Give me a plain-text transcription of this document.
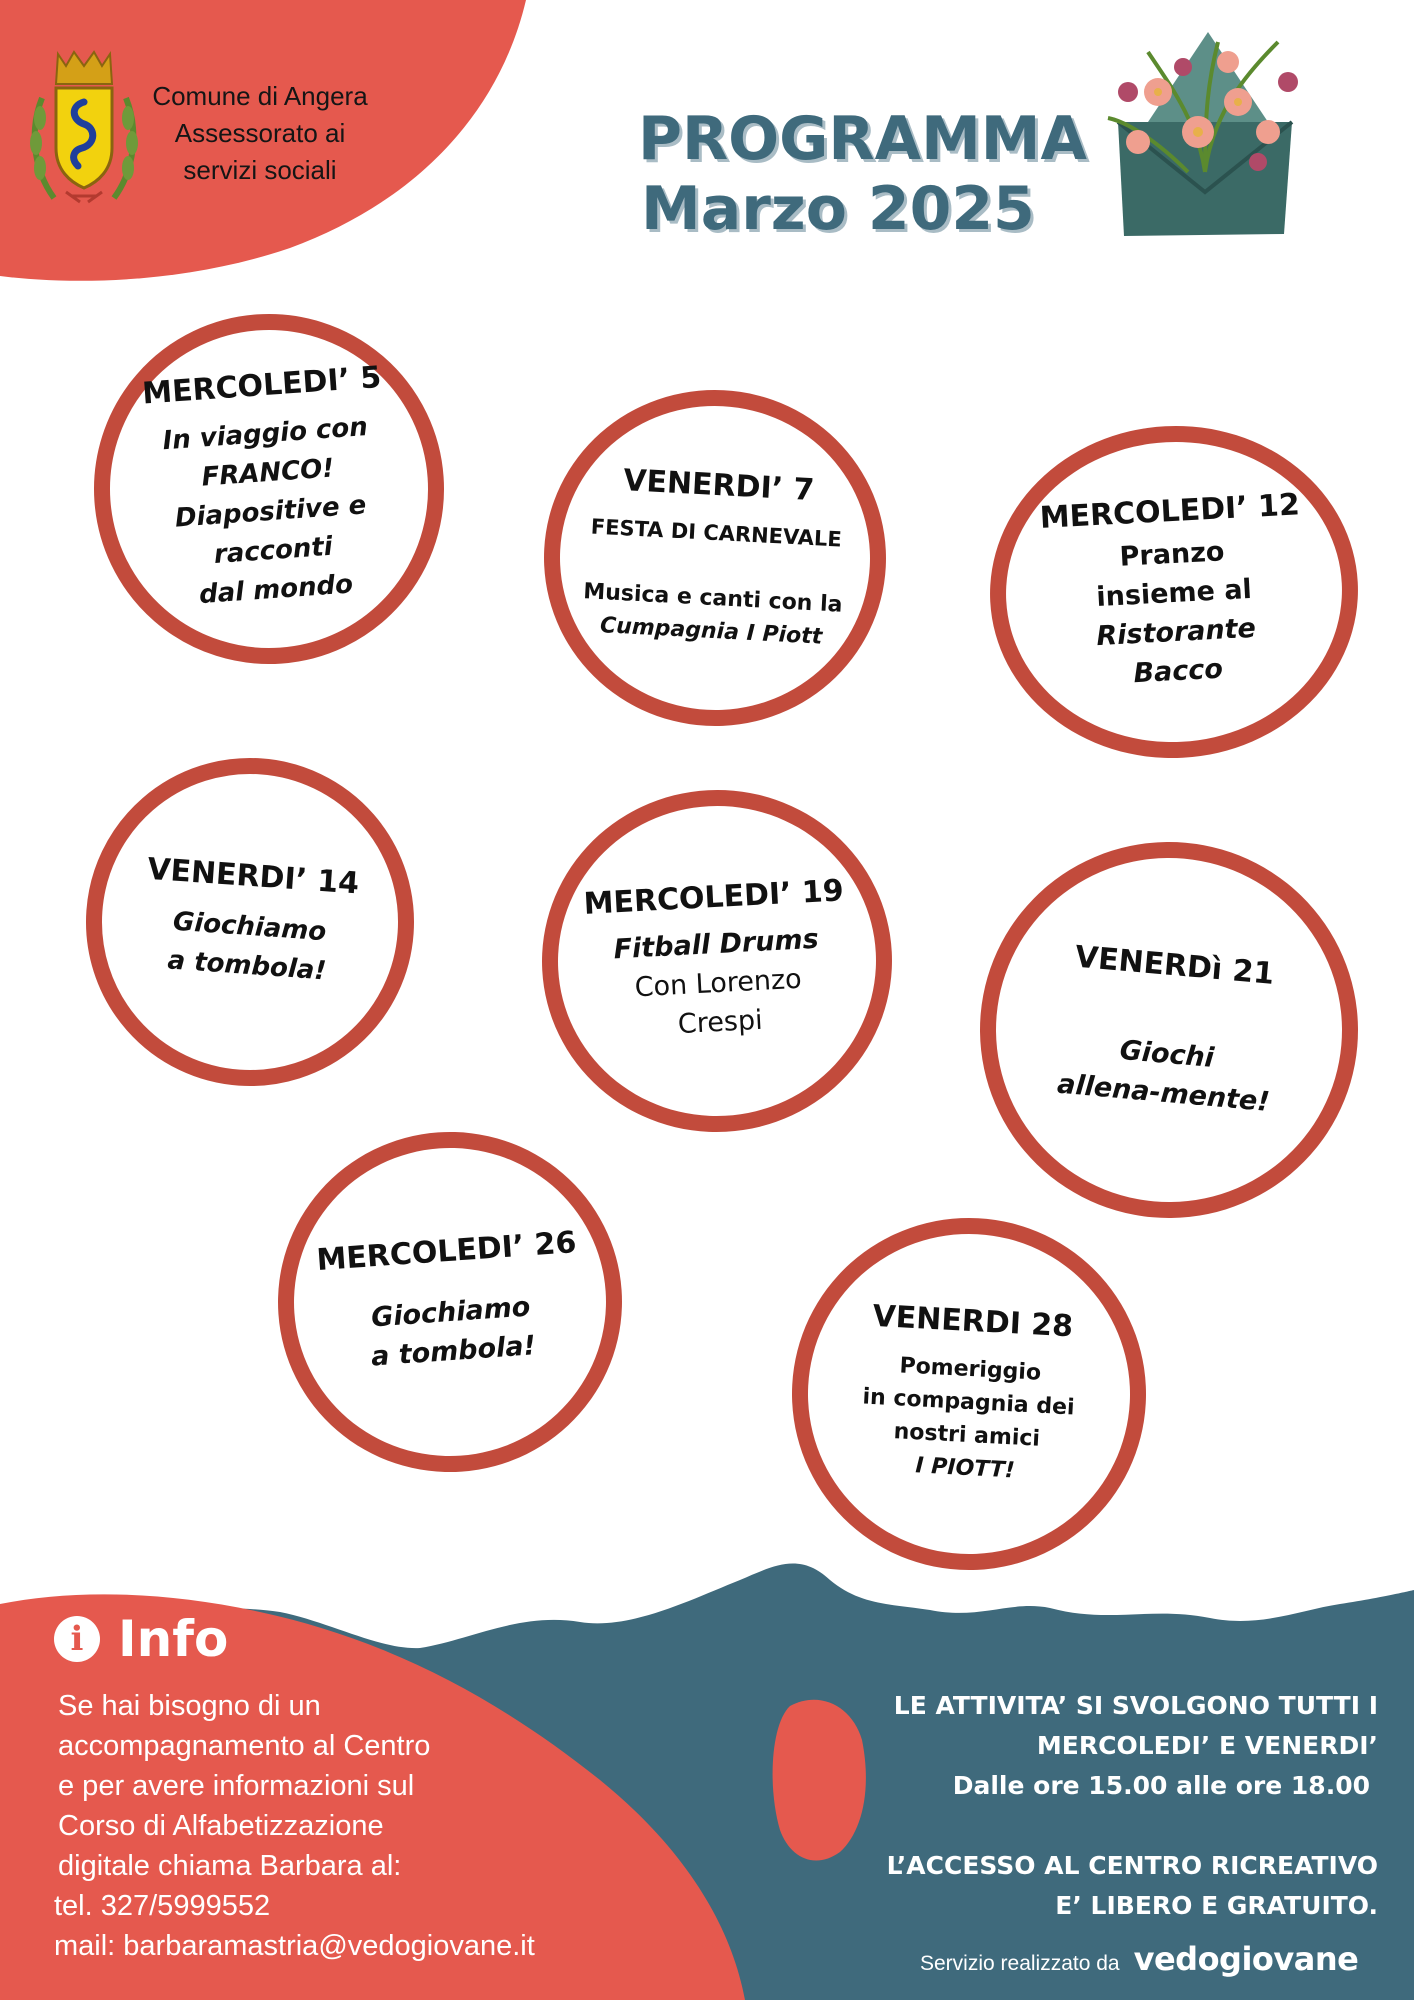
Comune di Angera
Assessorato ai
servizi sociali	PROGRAMMA
Marzo 2025
MERCOLEDI’ 5
In viaggio con
FRANCO!
Diapositive e
racconti
dal mondo
VENERDI’ 7
FESTA DI CARNEVALE
Musica e canti con la
Cumpagnia I Piott
MERCOLEDI’ 12
Pranzo
insieme al
Ristorante
Bacco
VENERDI’ 14
Giochiamo
a tombola!
MERCOLEDI’ 19
Fitball Drums
Con Lorenzo
Crespi
VENERDì 21
Giochi
allena-mente!
MERCOLEDI’ 26
Giochiamo
a tombola!
VENERDI 28
Pomeriggio
in compagnia dei
nostri amici
I PIOTT!
i Info
Se hai bisogno di un
accompagnamento al Centro
e per avere informazioni sul
Corso di Alfabetizzazione
digitale chiama Barbara al:
tel. 327/5999552
mail: barbaramastria@vedogiovane.it
LE ATTIVITA’ SI SVOLGONO TUTTI I
MERCOLEDI’ E VENERDI’
Dalle ore 15.00 alle ore 18.00
L’ACCESSO AL CENTRO RICREATIVO
E’ LIBERO E GRATUITO.
Servizio realizzato da vedogiovane
